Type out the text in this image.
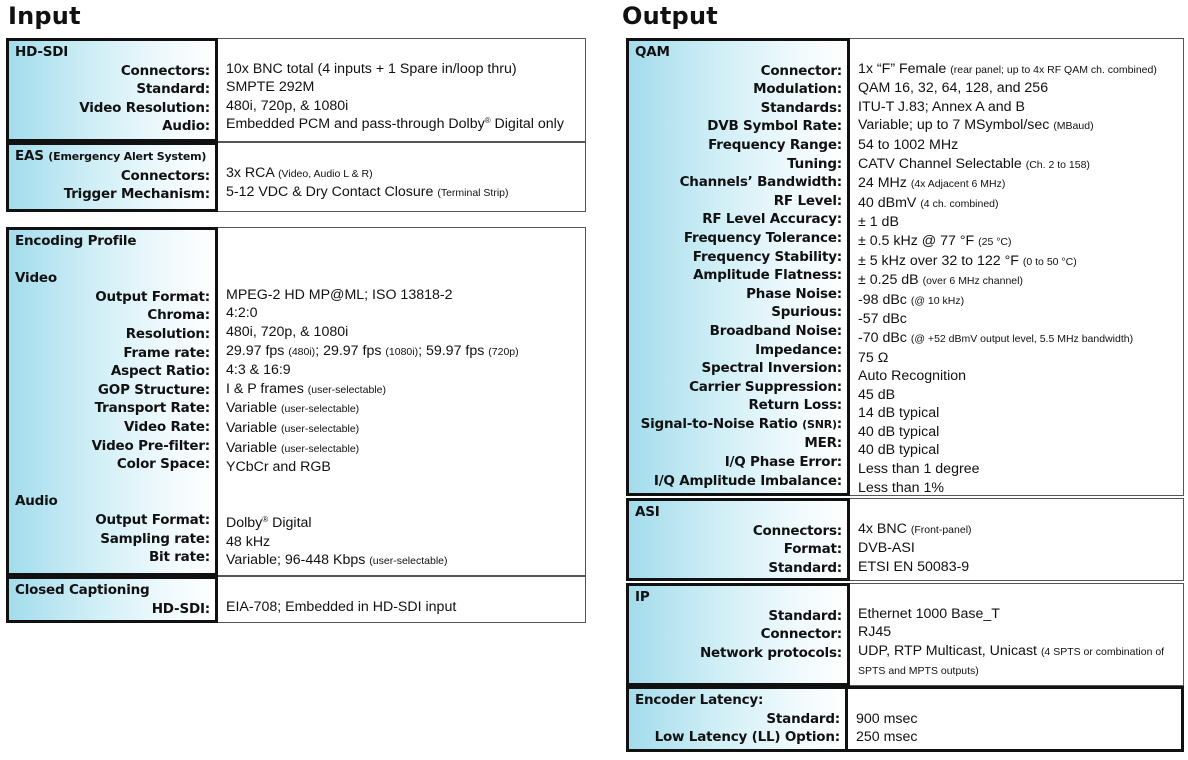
Input	Output
HD-SDI
Connectors:
Standard:
Video Resolution:
Audio:
10x BNC total (4 inputs + 1 Spare in/loop thru)
SMPTE 292M
480i, 720p, & 1080i
Embedded PCM and pass-through Dolby® Digital only
EAS (Emergency Alert System)
Connectors:
Trigger Mechanism:
3x RCA (Video, Audio L & R)
5-12 VDC & Dry Contact Closure (Terminal Strip)
Encoding Profile
Video
Output Format:
Chroma:
Resolution:
Frame rate:
Aspect Ratio:
GOP Structure:
Transport Rate:
Video Rate:
Video Pre-filter:
Color Space:
Audio
Output Format:
Sampling rate:
Bit rate:
MPEG-2 HD MP@ML; ISO 13818-2
4:2:0
480i, 720p, & 1080i
29.97 fps (480i); 29.97 fps (1080i); 59.97 fps (720p)
4:3 & 16:9
I & P frames (user-selectable)
Variable (user-selectable)
Variable (user-selectable)
Variable (user-selectable)
YCbCr and RGB
Dolby® Digital
48 kHz
Variable; 96-448 Kbps (user-selectable)
Closed Captioning
HD-SDI: EIA-708; Embedded in HD-SDI input
QAM
Connector:
Modulation:
Standards:
DVB Symbol Rate:
Frequency Range:
Tuning:
Channels’ Bandwidth:
RF Level:
RF Level Accuracy:
Frequency Tolerance:
Frequency Stability:
Amplitude Flatness:
Phase Noise:
Spurious:
Broadband Noise:
Impedance:
Spectral Inversion:
Carrier Suppression:
Return Loss:
Signal-to-Noise Ratio (SNR):
MER:
I/Q Phase Error:
I/Q Amplitude Imbalance:
1x “F” Female (rear panel; up to 4x RF QAM ch. combined)
QAM 16, 32, 64, 128, and 256
ITU-T J.83; Annex A and B
Variable; up to 7 MSymbol/sec (MBaud)
54 to 1002 MHz
CATV Channel Selectable (Ch. 2 to 158)
24 MHz (4x Adjacent 6 MHz)
40 dBmV (4 ch. combined)
± 1 dB
± 0.5 kHz @ 77 °F (25 °C)
± 5 kHz over 32 to 122 °F (0 to 50 °C)
± 0.25 dB (over 6 MHz channel)
-98 dBc (@ 10 kHz)
-57 dBc
-70 dBc (@ +52 dBmV output level, 5.5 MHz bandwidth)
75 Ω
Auto Recognition
45 dB
14 dB typical
40 dB typical
40 dB typical
Less than 1 degree
Less than 1%
ASI
Connectors:
Format:
Standard:
4x BNC (Front-panel)
DVB-ASI
ETSI EN 50083-9
IP
Standard:
Connector:
Network protocols:
Ethernet 1000 Base_T
RJ45
UDP, RTP Multicast, Unicast (4 SPTS or combination of SPTS and MPTS outputs)
Encoder Latency:
Standard:
Low Latency (LL) Option:
900 msec
250 msec
